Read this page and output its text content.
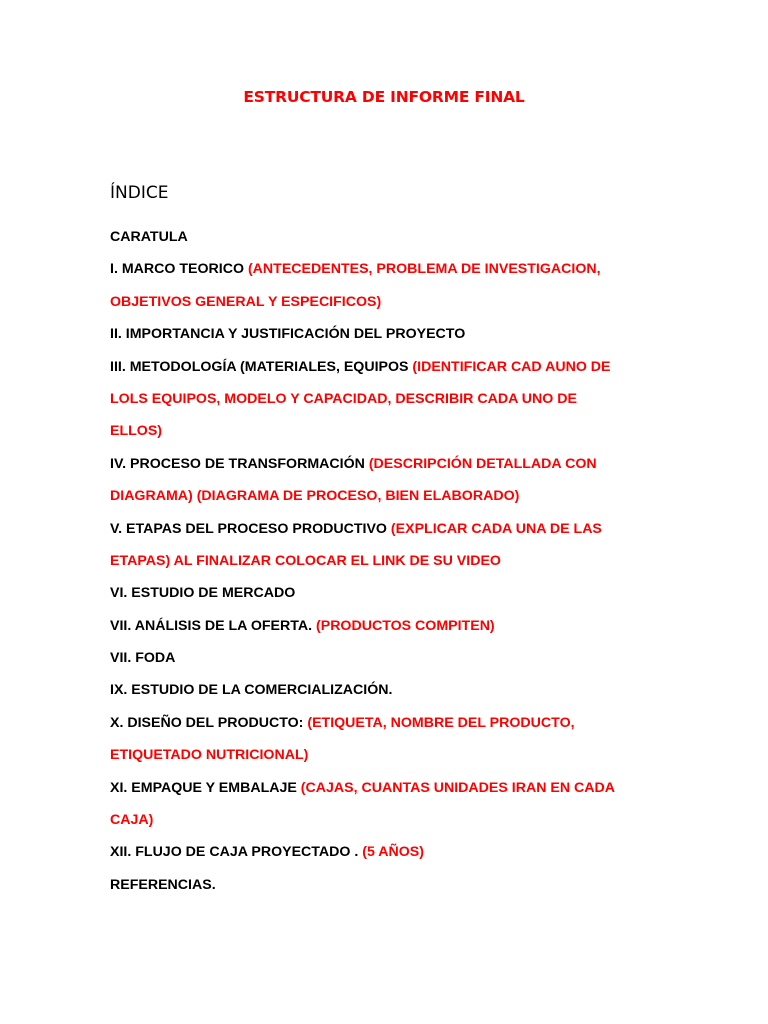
ESTRUCTURA DE INFORME FINAL
ÍNDICE
CARATULA
I. MARCO TEORICO (ANTECEDENTES, PROBLEMA DE INVESTIGACION,
OBJETIVOS GENERAL Y ESPECIFICOS)
II. IMPORTANCIA Y JUSTIFICACIÓN DEL PROYECTO
III. METODOLOGÍA (MATERIALES, EQUIPOS (IDENTIFICAR CAD AUNO DE
LOLS EQUIPOS, MODELO Y CAPACIDAD, DESCRIBIR CADA UNO DE
ELLOS)
IV. PROCESO DE TRANSFORMACIÓN (DESCRIPCIÓN DETALLADA CON
DIAGRAMA) (DIAGRAMA DE PROCESO, BIEN ELABORADO)
V. ETAPAS DEL PROCESO PRODUCTIVO (EXPLICAR CADA UNA DE LAS
ETAPAS) AL FINALIZAR COLOCAR EL LINK DE SU VIDEO
VI. ESTUDIO DE MERCADO
VII. ANÁLISIS DE LA OFERTA. (PRODUCTOS COMPITEN)
VII. FODA
IX. ESTUDIO DE LA COMERCIALIZACIÓN.
X. DISEÑO DEL PRODUCTO: (ETIQUETA, NOMBRE DEL PRODUCTO,
ETIQUETADO NUTRICIONAL)
XI. EMPAQUE Y EMBALAJE (CAJAS, CUANTAS UNIDADES IRAN EN CADA
CAJA)
XII. FLUJO DE CAJA PROYECTADO . (5 AÑOS)
REFERENCIAS.
